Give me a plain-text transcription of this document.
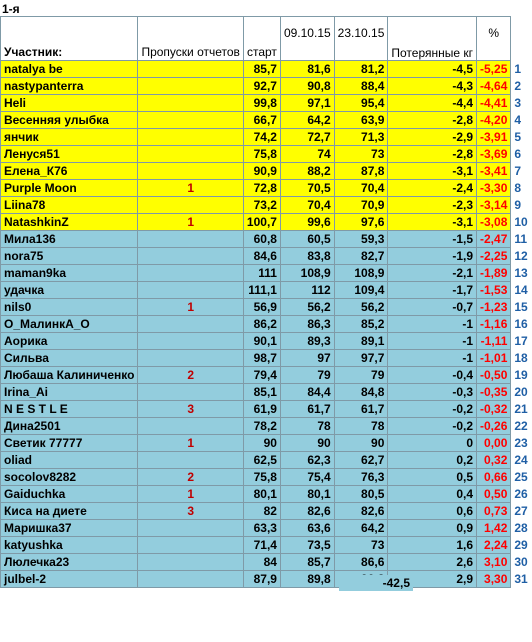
1-я
Участник:	Пропуски отчетов	старт	09.10.15	23.10.15	Потерянные кг	%	
natalya be		85,7	81,6	81,2	-4,5	-5,25	1
nastypanterra		92,7	90,8	88,4	-4,3	-4,64	2
Heli		99,8	97,1	95,4	-4,4	-4,41	3
Весенняя улыбка		66,7	64,2	63,9	-2,8	-4,20	4
янчик		74,2	72,7	71,3	-2,9	-3,91	5
Ленуся51		75,8	74	73	-2,8	-3,69	6
Елена_К76		90,9	88,2	87,8	-3,1	-3,41	7
Purple Moon	1	72,8	70,5	70,4	-2,4	-3,30	8
Liina78		73,2	70,4	70,9	-2,3	-3,14	9
NatashkinZ	1	100,7	99,6	97,6	-3,1	-3,08	10
Мила136		60,8	60,5	59,3	-1,5	-2,47	11
nora75		84,6	83,8	82,7	-1,9	-2,25	12
maman9ka		111	108,9	108,9	-2,1	-1,89	13
удачка		111,1	112	109,4	-1,7	-1,53	14
nils0	1	56,9	56,2	56,2	-0,7	-1,23	15
О_МалинкА_О		86,2	86,3	85,2	-1	-1,16	16
Аорика		90,1	89,3	89,1	-1	-1,11	17
Сильва		98,7	97	97,7	-1	-1,01	18
Любаша Калиниченко	2	79,4	79	79	-0,4	-0,50	19
Irina_Ai		85,1	84,4	84,8	-0,3	-0,35	20
N E S T L E	3	61,9	61,7	61,7	-0,2	-0,32	21
Дина2501		78,2	78	78	-0,2	-0,26	22
Светик 77777	1	90	90	90	0	0,00	23
oliad		62,5	62,3	62,7	0,2	0,32	24
socolov8282	2	75,8	75,4	76,3	0,5	0,66	25
Gaiduchka	1	80,1	80,1	80,5	0,4	0,50	26
Киса на диете	3	82	82,6	82,6	0,6	0,73	27
Маришка37		63,3	63,6	64,2	0,9	1,42	28
katyushka		71,4	73,5	73	1,6	2,24	29
Люлечка23		84	85,7	86,6	2,6	3,10	30
julbel-2		87,9	89,8		2,9	3,30	31
-42,5
